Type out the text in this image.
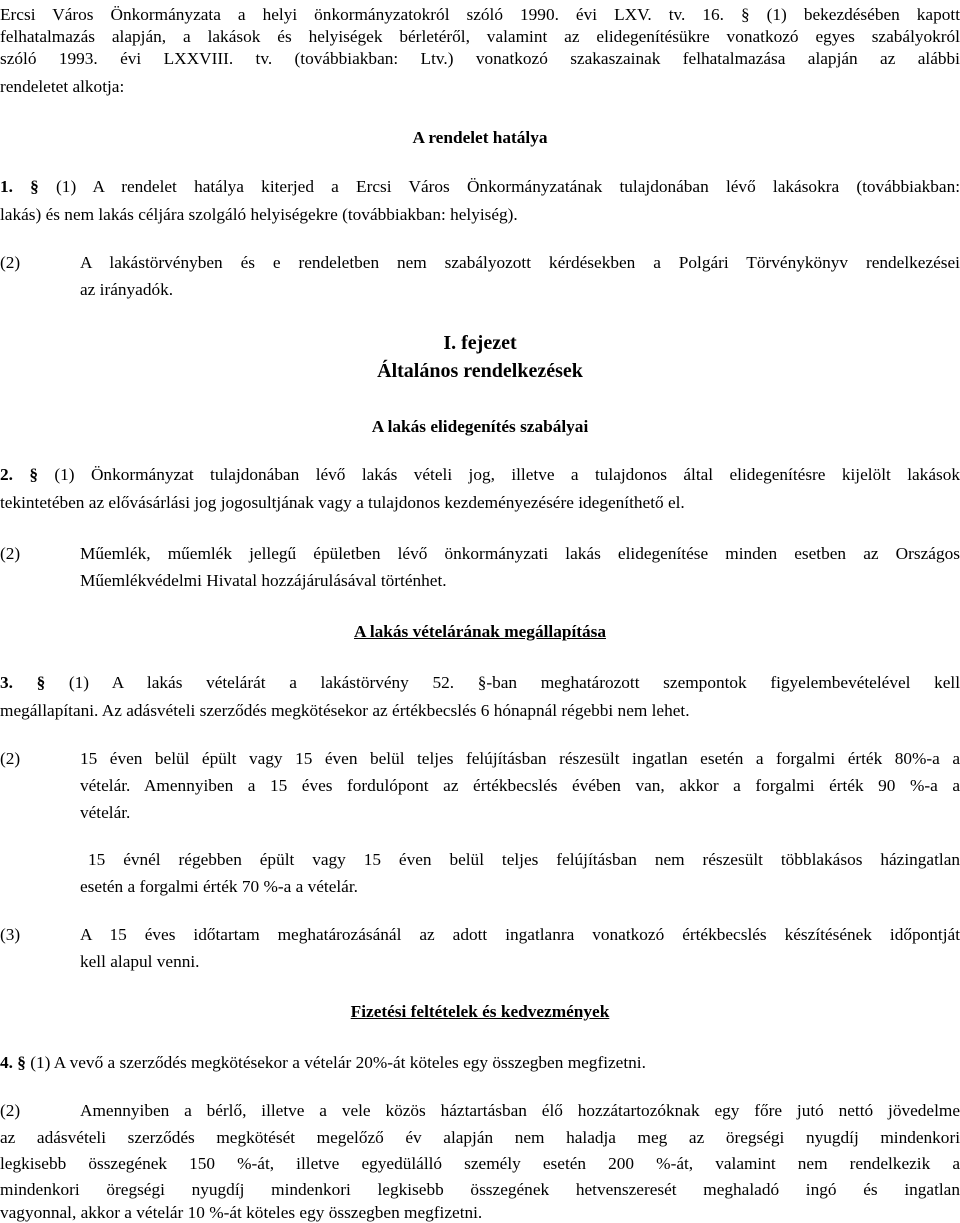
Ercsi Város Önkormányzata a helyi önkormányzatokról szóló 1990. évi LXV. tv. 16. § (1) bekezdésében kapott
felhatalmazás alapján, a lakások és helyiségek bérletéről, valamint az elidegenítésükre vonatkozó egyes szabályokról
szóló 1993. évi LXXVIII. tv. (továbbiakban: Ltv.) vonatkozó szakaszainak felhatalmazása alapján az alábbi
rendeletet alkotja:
A rendelet hatálya
1. § (1) A rendelet hatálya kiterjed a Ercsi Város Önkormányzatának tulajdonában lévő lakásokra (továbbiakban:
lakás) és nem lakás céljára szolgáló helyiségekre (továbbiakban: helyiség).
(2)	A lakástörvényben és e rendeletben nem szabályozott kérdésekben a Polgári Törvénykönyv rendelkezései
az irányadók.
I. fejezet
Általános rendelkezések
A lakás elidegenítés szabályai
2. § (1) Önkormányzat tulajdonában lévő lakás vételi jog, illetve a tulajdonos által elidegenítésre kijelölt lakások
tekintetében az elővásárlási jog jogosultjának vagy a tulajdonos kezdeményezésére idegeníthető el.
(2)	Műemlék, műemlék jellegű épületben lévő önkormányzati lakás elidegenítése minden esetben az Országos
Műemlékvédelmi Hivatal hozzájárulásával történhet.
A lakás vételárának megállapítása
3. § (1) A lakás vételárát a lakástörvény 52. §-ban meghatározott szempontok figyelembevételével kell
megállapítani. Az adásvételi szerződés megkötésekor az értékbecslés 6 hónapnál régebbi nem lehet.
(2)	15 éven belül épült vagy 15 éven belül teljes felújításban részesült ingatlan esetén a forgalmi érték 80%-a a
vételár. Amennyiben a 15 éves fordulópont az értékbecslés évében van, akkor a forgalmi érték 90 %-a a
vételár.
15 évnél régebben épült vagy 15 éven belül teljes felújításban nem részesült többlakásos házingatlan
esetén a forgalmi érték 70 %-a a vételár.
(3)	A 15 éves időtartam meghatározásánál az adott ingatlanra vonatkozó értékbecslés készítésének időpontját
kell alapul venni.
Fizetési feltételek és kedvezmények
4. § (1) A vevő a szerződés megkötésekor a vételár 20%-át köteles egy összegben megfizetni.
(2)	Amennyiben a bérlő, illetve a vele közös háztartásban élő hozzátartozóknak egy főre jutó nettó jövedelme
az adásvételi szerződés megkötését megelőző év alapján nem haladja meg az öregségi nyugdíj mindenkori
legkisebb összegének 150 %-át, illetve egyedülálló személy esetén 200 %-át, valamint nem rendelkezik a
mindenkori öregségi nyugdíj mindenkori legkisebb összegének hetvenszeresét meghaladó ingó és ingatlan
vagyonnal, akkor a vételár 10 %-át köteles egy összegben megfizetni.
